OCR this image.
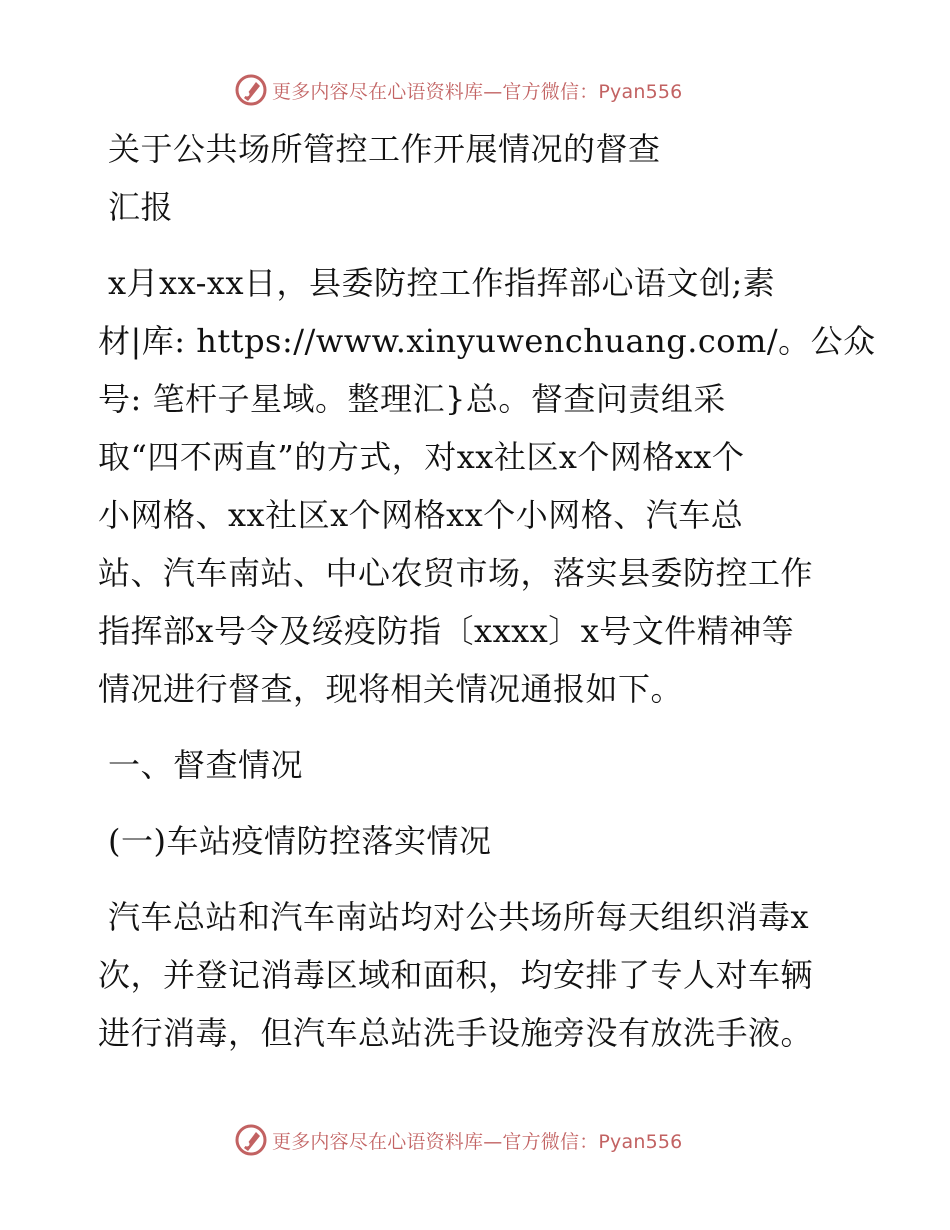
更多内容尽在心语资料库—官方微信：Pyan556
关于公共场所管控工作开展情况的督查
汇报
x月xx-xx日，县委防控工作指挥部心语文创;素
材|库: https://www.xinyuwenchuang.com/。公众
号: 笔杆子星域。整理汇}总。督查问责组采
取“四不两直”的方式，对xx社区x个网格xx个
小网格、xx社区x个网格xx个小网格、汽车总
站、汽车南站、中心农贸市场，落实县委防控工作
指挥部x号令及绥疫防指〔xxxx〕x号文件精神等
情况进行督查，现将相关情况通报如下。
一、督查情况
(一)车站疫情防控落实情况
汽车总站和汽车南站均对公共场所每天组织消毒x
次，并登记消毒区域和面积，均安排了专人对车辆
进行消毒，但汽车总站洗手设施旁没有放洗手液。
更多内容尽在心语资料库—官方微信：Pyan556
